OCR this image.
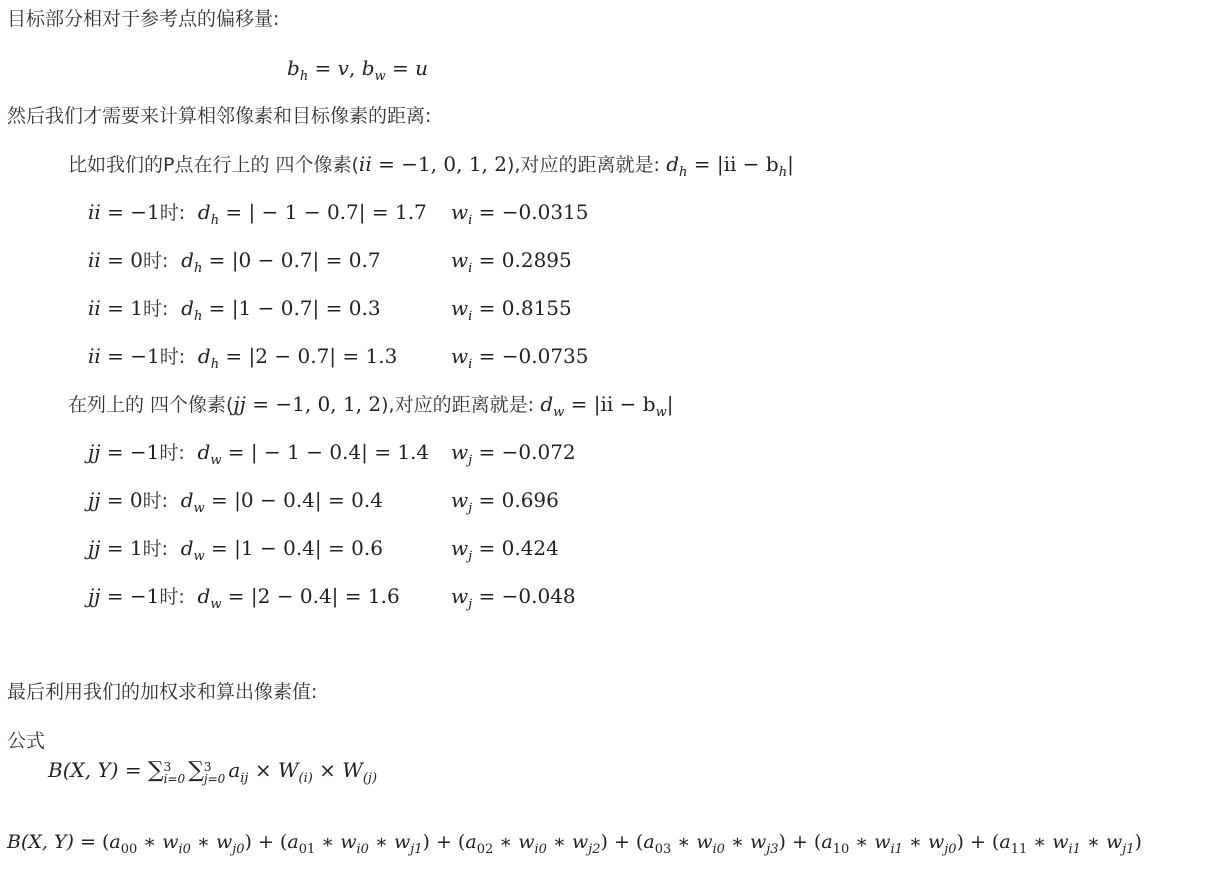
目标部分相对于参考点的偏移量:
$b_h = v$, $b_w = u$
然后我们才需要来计算相邻像素和目标像素的距离:
比如我们的P点在行上的 四个像素(ii = −1, 0, 1, 2),对应的距离就是: $d_h = |ii - b_h|$
ii = −1时: $d_h$ = | − 1 − 0.7| = 1.7 $w_i = -0.0315$
ii = 0时: $d_h = |0 - 0.7| = 0.7$	$w_i = 0.2895$
ii = 1时: $d_h = |1 - 0.7| = 0.3$	$w_i = 0.8155$
ii = −1时: $d_h = |2 - 0.7| = 1.3$	$w_i = -0.0735$
在列上的 四个像素(jj = −1, 0, 1, 2),对应的距离就是: $d_w = |ii - b_w|$
jj = −1时: $d_w$ = | − 1 − 0.4| = 1.4 $w_j = -0.072$
jj = 0时: $d_w = |0 - 0.4| = 0.4$	$w_j = 0.696$
jj = 1时: $d_w = |1 - 0.4| = 0.6$	$w_j = 0.424$
jj = −1时: $d_w = |2 - 0.4| = 1.6$	$w_j = -0.048$
最后利用我们的加权求和算出像素值:
公式
B(X, Y) = ∑ 3
i=0 ∑ 3
j=0 $a_{ij} \times W_{(i)} \times W_{(j)}$
B(X, $Y) = (a_{00}$ ∗ $w_{i0}$ ∗ $w_{j0}) + (a_{01}$ ∗ $w_{i0}$ ∗ $w_{j1}) + (a_{02}$ ∗ $w_{i0}$ ∗ $w_{j2}) + (a_{03}$ ∗ $w_{i0}$ ∗ $w_{j3}) + (a_{10}$ ∗ $w_{i1}$ ∗ $w_{j0}) + (a_{11}$ ∗ $w_{i1}$ ∗ $w_{j1}$)
